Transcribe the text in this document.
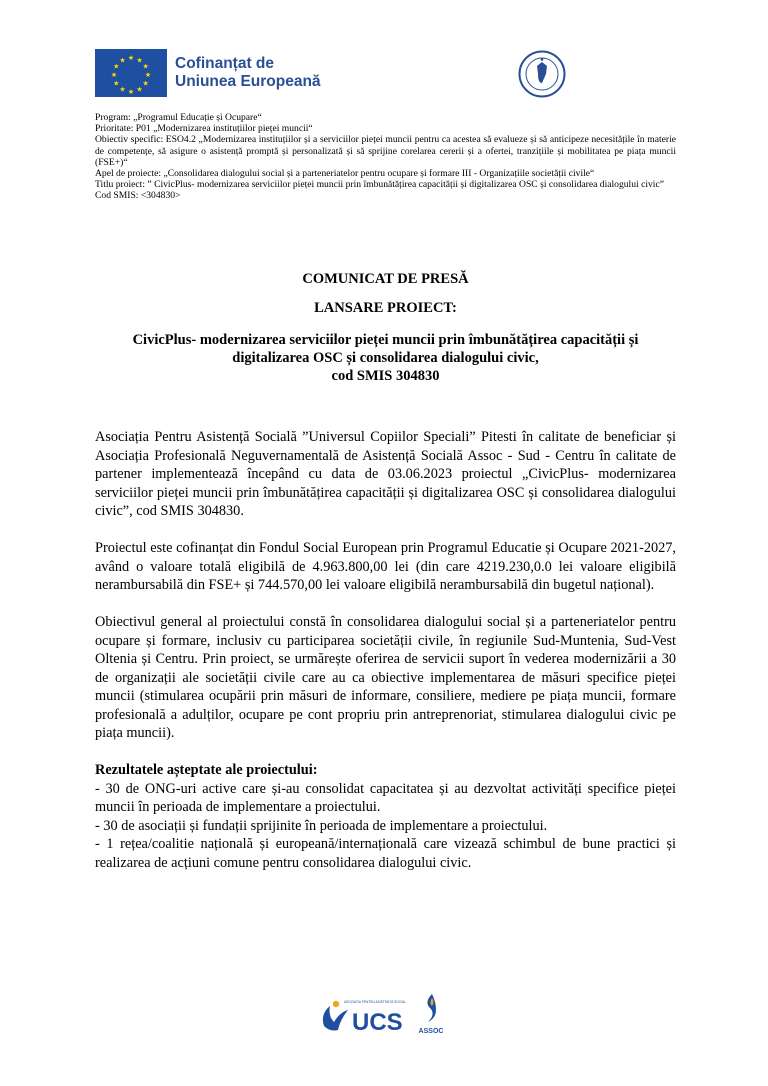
★ ★
★
★
★
★
★
★
★
★
★
★	Cofinanțat de
Uniunea Europeană

Program: „Programul Educație și Ocupare“

Prioritate: P01 „Modernizarea instituțiilor pieței muncii“

Obiectiv specific: ESO4.2 „Modernizarea instituțiilor și a serviciilor pieței muncii pentru ca acestea să evalueze și să anticipeze necesitățile în materie de competențe, să asigure o asistență promptă și personalizată și să sprijine corelarea cererii și a ofertei, tranzițiile și mobilitatea pe piața muncii (FSE+)“

Apel de proiecte: „Consolidarea dialogului social și a parteneriatelor pentru ocupare și formare III - Organizațiile societății civile“

Titlu proiect: ” CivicPlus- modernizarea serviciilor pieței muncii prin îmbunătățirea capacității și digitalizarea OSC și consolidarea dialogului civic”

Cod SMIS: <304830>

COMUNICAT DE PRESĂ

LANSARE PROIECT:

CivicPlus- modernizarea serviciilor pieței muncii prin îmbunătățirea capacității și
digitalizarea OSC și consolidarea dialogului civic,
cod SMIS 304830

Asociația Pentru Asistență Socială ”Universul Copiilor Speciali” Pitesti în calitate de beneficiar și Asociația Profesională Neguvernamentală de Asistență Socială Assoc - Sud - Centru în calitate de partener implementează începând cu data de 03.06.2023 proiectul „CivicPlus- modernizarea serviciilor pieței muncii prin îmbunătățirea capacității și digitalizarea OSC și consolidarea dialogului civic”, cod SMIS 304830.

Proiectul este cofinanțat din Fondul Social European prin Programul Educatie și Ocupare 2021-2027, având o valoare totală eligibilă de 4.963.800,00 lei (din care 4219.230,0.0 lei valoare eligibilă nerambursabilă din FSE+ și 744.570,00 lei valoare eligibilă nerambursabilă din bugetul național).

Obiectivul general al proiectului constă în consolidarea dialogului social și a parteneriatelor pentru ocupare și formare, inclusiv cu participarea societății civile, în regiunile Sud-Muntenia, Sud-Vest Oltenia și Centru. Prin proiect, se urmărește oferirea de servicii suport în vederea modernizării a 30 de organizații ale societății civile care au ca obiective implementarea de măsuri specifice pieței muncii (stimularea ocupării prin măsuri de informare, consiliere, mediere pe piața muncii, formare profesională a adulților, ocupare pe cont propriu prin antreprenoriat, stimularea dialogului civic pe piața muncii).

Rezultatele așteptate ale proiectului:

- 30 de ONG-uri active care și-au consolidat capacitatea și au dezvoltat activități specifice pieței muncii în perioada de implementare a proiectului.

- 30 de asociații și fundații sprijinite în perioada de implementare a proiectului.

- 1 rețea/coalitie națională și europeană/internațională care vizează schimbul de bune practici și realizarea de acțiuni comune pentru consolidarea dialogului civic.

ASOCIAȚIA PENTRU ASISTENȚĂ SOCIALĂ
UCS ASSOC
